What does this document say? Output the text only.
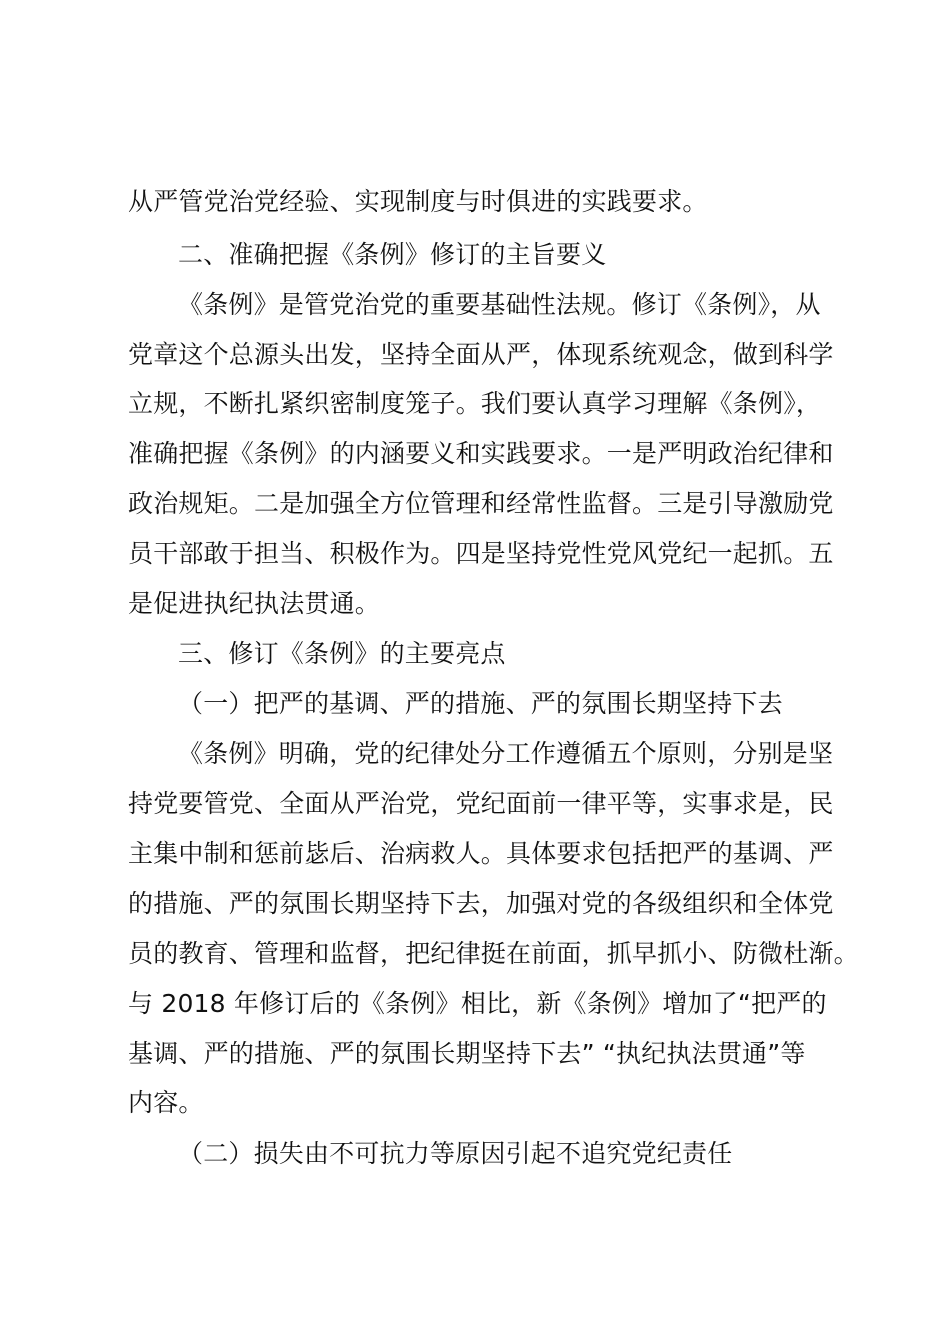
从严管党治党经验、实现制度与时俱进的实践要求。
二、准确把握《条例》修订的主旨要义
《条例》是管党治党的重要基础性法规。修订《条例》，从
党章这个总源头出发，坚持全面从严，体现系统观念，做到科学
立规，不断扎紧织密制度笼子。我们要认真学习理解《条例》，
准确把握《条例》的内涵要义和实践要求。一是严明政治纪律和
政治规矩。二是加强全方位管理和经常性监督。三是引导激励党
员干部敢于担当、积极作为。四是坚持党性党风党纪一起抓。五
是促进执纪执法贯通。
三、修订《条例》的主要亮点
（一）把严的基调、严的措施、严的氛围长期坚持下去
《条例》明确，党的纪律处分工作遵循五个原则，分别是坚
持党要管党、全面从严治党，党纪面前一律平等，实事求是，民
主集中制和惩前毖后、治病救人。具体要求包括把严的基调、严
的措施、严的氛围长期坚持下去，加强对党的各级组织和全体党
员的教育、管理和监督，把纪律挺在前面，抓早抓小、防微杜渐。
与 2018 年修订后的《条例》相比，新《条例》增加了“把严的
基调、严的措施、严的氛围长期坚持下去” “执纪执法贯通”等
内容。
（二）损失由不可抗力等原因引起不追究党纪责任
